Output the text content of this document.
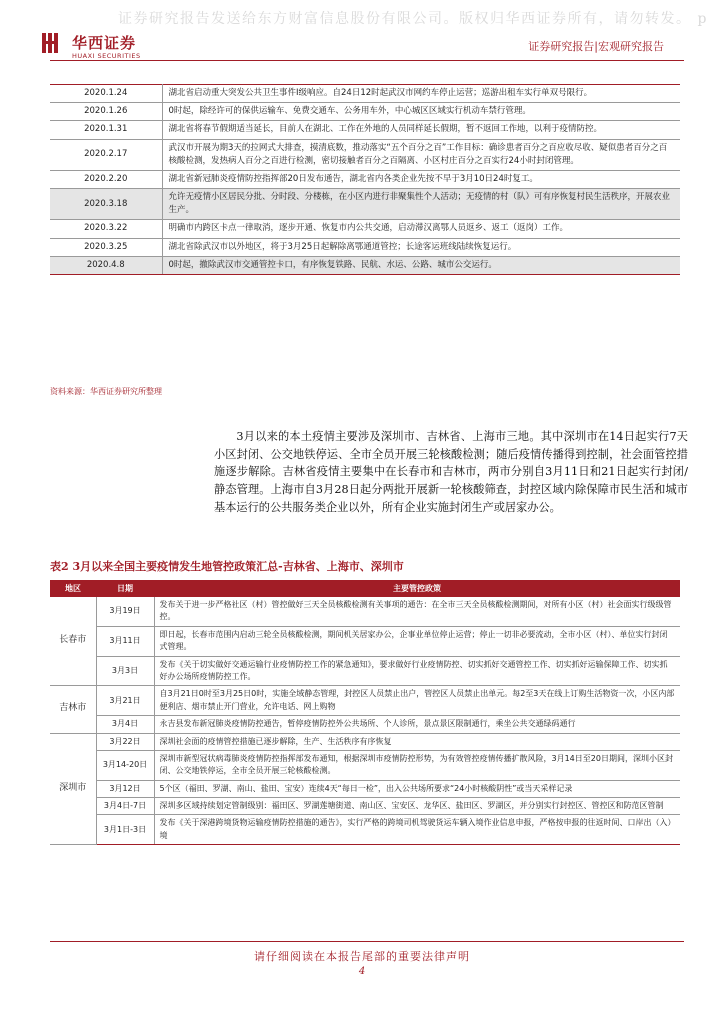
证券研究报告发送给东方财富信息股份有限公司。版权归华西证券所有，请勿转发。 p
华西证券
HUAXI SECURITIES
证券研究报告|宏观研究报告
2020.1.24	湖北省启动重大突发公共卫生事件Ⅰ级响应。自24日12时起武汉市网约车停止运营；巡游出租车实行单双号限行。
2020.1.26	0时起，除经许可的保供运输车、免费交通车、公务用车外，中心城区区域实行机动车禁行管理。
2020.1.31	湖北省将春节假期适当延长，目前人在湖北、工作在外地的人员同样延长假期，暂不返回工作地，以利于疫情防控。
2020.2.17	武汉市开展为期3天的拉网式大排查，摸清底数，推动落实“五个百分之百”工作目标：确诊患者百分之百应收尽收、疑似患者百分之百核酸检测，发热病人百分之百进行检测，密切接触者百分之百隔离、小区村庄百分之百实行24小时封闭管理。
2020.2.20	湖北省新冠肺炎疫情防控指挥部20日发布通告，湖北省内各类企业先按不早于3月10日24时复工。
2020.3.18	允许无疫情小区居民分批、分时段、分楼栋，在小区内进行非聚集性个人活动；无疫情的村（队）可有序恢复村民生活秩序，开展农业生产。
2020.3.22	明确市内跨区卡点一律取消，逐步开通、恢复市内公共交通，启动滞汉离鄂人员返乡、返工（返岗）工作。
2020.3.25	湖北省除武汉市以外地区，将于3月25日起解除离鄂通道管控；长途客运班线陆续恢复运行。
2020.4.8	0时起，撤除武汉市交通管控卡口，有序恢复铁路、民航、水运、公路、城市公交运行。
资料来源：华西证券研究所整理
3月以来的本土疫情主要涉及深圳市、吉林省、上海市三地。其中深圳市在14日起实行7天小区封闭、公交地铁停运、全市全员开展三轮核酸检测；随后疫情传播得到控制，社会面管控措施逐步解除。吉林省疫情主要集中在长春市和吉林市，两市分别自3月11日和21日起实行封闭/静态管理。上海市自3月28日起分两批开展新一轮核酸筛查，封控区域内除保障市民生活和城市基本运行的公共服务类企业以外，所有企业实施封闭生产或居家办公。
表2 3月以来全国主要疫情发生地管控政策汇总-吉林省、上海市、深圳市
地区	日期	主要管控政策
长春市	3月19日	发布关于进一步严格社区（村）管控做好三天全员核酸检测有关事项的通告：在全市三天全员核酸检测期间，对所有小区（村）社会面实行级级管控。
	3月11日	即日起，长春市范围内启动三轮全员核酸检测，期间机关居家办公，企事业单位停止运营；停止一切非必要流动，全市小区（村）、单位实行封闭式管理。
	3月3日	发布《关于切实做好交通运输行业疫情防控工作的紧急通知》，要求做好行业疫情防控、切实抓好交通管控工作、切实抓好运输保障工作、切实抓好办公场所疫情防控工作。
吉林市	3月21日	自3月21日0时至3月25日0时，实施全域静态管理，封控区人员禁止出户，管控区人员禁止出单元。每2至3天在线上订购生活物资一次，小区内部便利店、烟市禁止开门营业，允许电话、网上购物
	3月4日	永吉县发布新冠肺炎疫情防控通告，暂停疫情防控外公共场所、个人诊所，景点景区限制通行，乘坐公共交通绿码通行
深圳市	3月22日	深圳社会面的疫情管控措施已逐步解除，生产、生活秩序有序恢复
	3月14-20日	深圳市新型冠状病毒肺炎疫情防控指挥部发布通知，根据深圳市疫情防控形势，为有效管控疫情传播扩散风险，3月14日至20日期间，深圳小区封闭、公交地铁停运，全市全员开展三轮核酸检测。
	3月12日	5个区（福田、罗湖、南山、盐田、宝安）连续4天“每日一检”，出入公共场所要求“24小时核酸阴性”或当天采样记录
	3月4日-7日	深圳多区域持续划定管制级别：福田区、罗湖莲塘街道、南山区、宝安区、龙华区、盐田区、罗湖区，并分别实行封控区、管控区和防范区管制
	3月1日-3日	发布《关于深港跨境货物运输疫情防控措施的通告》，实行严格的跨境司机驾驶货运车辆入境作业信息申报，严格按申报的往返时间、口岸出（入）境
请仔细阅读在本报告尾部的重要法律声明
4
